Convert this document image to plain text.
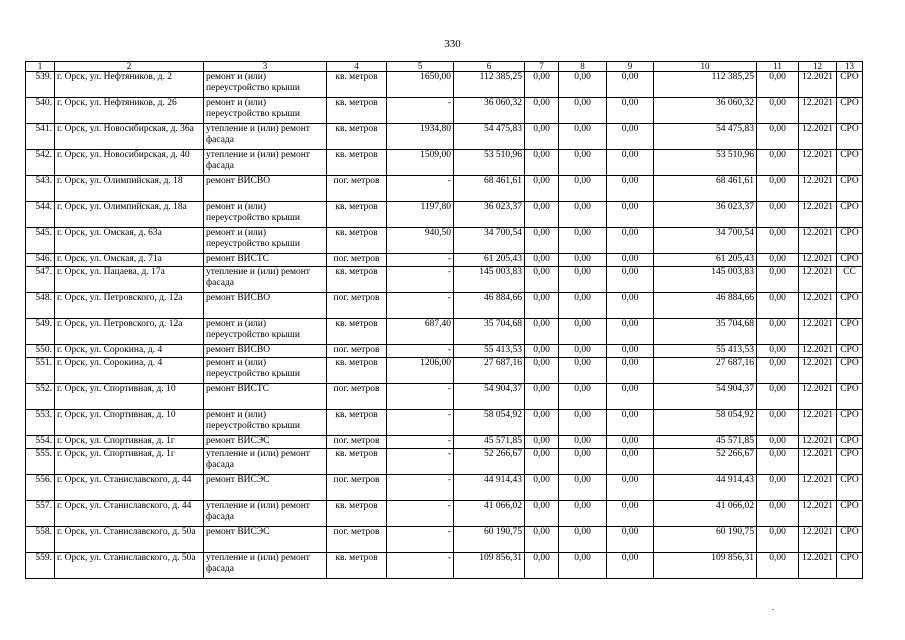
330
1	2	3	4	5	6	7	8	9	10	11	12	13
539.	г. Орск, ул. Нефтяников, д. 2	ремонт и (или) переустройство крыши	кв. метров	1650,00	112 385,25	0,00	0,00	0,00	112 385,25	0,00	12.2021	СРО
540.	г. Орск, ул. Нефтяников, д. 26	ремонт и (или) переустройство крыши	кв. метров	-	36 060,32	0,00	0,00	0,00	36 060,32	0,00	12.2021	СРО
541.	г. Орск, ул. Новосибирская, д. 36а	утепление и (или) ремонт фасада	кв. метров	1934,80	54 475,83	0,00	0,00	0,00	54 475,83	0,00	12.2021	СРО
542.	г. Орск, ул. Новосибирская, д. 40	утепление и (или) ремонт фасада	кв. метров	1509,00	53 510,96	0,00	0,00	0,00	53 510,96	0,00	12.2021	СРО
543.	г. Орск, ул. Олимпийская, д. 18	ремонт ВИСВО	пог. метров	-	68 461,61	0,00	0,00	0,00	68 461,61	0,00	12.2021	СРО
544.	г. Орск, ул. Олимпийская, д. 18а	ремонт и (или) переустройство крыши	кв. метров	1197,80	36 023,37	0,00	0,00	0,00	36 023,37	0,00	12.2021	СРО
545.	г. Орск, ул. Омская, д. 63а	ремонт и (или) переустройство крыши	кв. метров	940,50	34 700,54	0,00	0,00	0,00	34 700,54	0,00	12.2021	СРО
546.	г. Орск, ул. Омская, д. 71а	ремонт ВИСТС	пог. метров	-	61 205,43	0,00	0,00	0,00	61 205,43	0,00	12.2021	СРО
547.	г. Орск, ул. Пацаева, д. 17а	утепление и (или) ремонт фасада	кв. метров	-	145 003,83	0,00	0,00	0,00	145 003,83	0,00	12.2021	СС
548.	г. Орск, ул. Петровского, д. 12а	ремонт ВИСВО	пог. метров	-	46 884,66	0,00	0,00	0,00	46 884,66	0,00	12.2021	СРО
549.	г. Орск, ул. Петровского, д. 12а	ремонт и (или) переустройство крыши	кв. метров	687,40	35 704,68	0,00	0,00	0,00	35 704,68	0,00	12.2021	СРО
550.	г. Орск, ул. Сорокина, д. 4	ремонт ВИСВО	пог. метров	-	55 413,53	0,00	0,00	0,00	55 413,53	0,00	12.2021	СРО
551.	г. Орск, ул. Сорокина, д. 4	ремонт и (или) переустройство крыши	кв. метров	1206,00	27 687,16	0,00	0,00	0,00	27 687,16	0,00	12.2021	СРО
552.	г. Орск, ул. Спортивная, д. 10	ремонт ВИСТС	пог. метров	-	54 904,37	0,00	0,00	0,00	54 904,37	0,00	12.2021	СРО
553.	г. Орск, ул. Спортивная, д. 10	ремонт и (или) переустройство крыши	кв. метров	-	58 054,92	0,00	0,00	0,00	58 054,92	0,00	12.2021	СРО
554.	г. Орск, ул. Спортивная, д. 1г	ремонт ВИСЭС	пог. метров	-	45 571,85	0,00	0,00	0,00	45 571,85	0,00	12.2021	СРО
555.	г. Орск, ул. Спортивная, д. 1г	утепление и (или) ремонт фасада	кв. метров	-	52 266,67	0,00	0,00	0,00	52 266,67	0,00	12.2021	СРО
556.	г. Орск, ул. Станиславского, д. 44	ремонт ВИСЭС	пог. метров	-	44 914,43	0,00	0,00	0,00	44 914,43	0,00	12.2021	СРО
557.	г. Орск, ул. Станиславского, д. 44	утепление и (или) ремонт фасада	кв. метров	-	41 066,02	0,00	0,00	0,00	41 066,02	0,00	12.2021	СРО
558.	г. Орск, ул. Станиславского, д. 50а	ремонт ВИСЭС	пог. метров	-	60 190,75	0,00	0,00	0,00	60 190,75	0,00	12.2021	СРО
559.	г. Орск, ул. Станиславского, д. 50а	утепление и (или) ремонт фасада	кв. метров	-	109 856,31	0,00	0,00	0,00	109 856,31	0,00	12.2021	СРО
